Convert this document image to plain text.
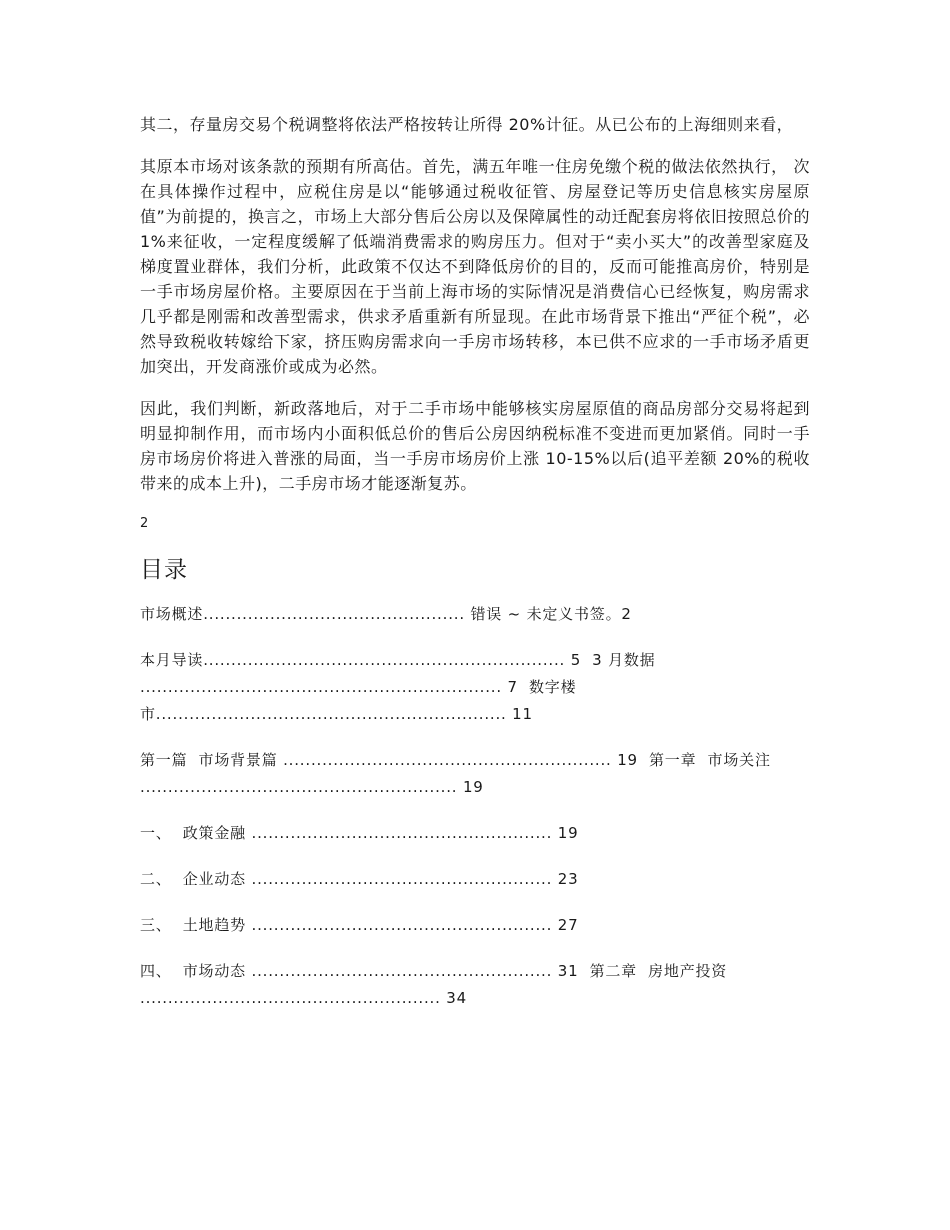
其二，存量房交易个税调整将依法严格按转让所得 20%计征。从已公布的上海细则来看，

其原本市场对该条款的预期有所高估。首先，满五年唯一住房免缴个税的做法依然执行， 次在具体操作过程中，应税住房是以“能够通过税收征管、房屋登记等历史信息核实房屋原值”为前提的，换言之，市场上大部分售后公房以及保障属性的动迁配套房将依旧按照总价的 1%来征收，一定程度缓解了低端消费需求的购房压力。但对于“卖小买大”的改善型家庭及梯度置业群体，我们分析，此政策不仅达不到降低房价的目的，反而可能推高房价，特别是一手市场房屋价格。主要原因在于当前上海市场的实际情况是消费信心已经恢复，购房需求几乎都是刚需和改善型需求，供求矛盾重新有所显现。在此市场背景下推出“严征个税”，必然导致税收转嫁给下家，挤压购房需求向一手房市场转移，本已供不应求的一手市场矛盾更加突出，开发商涨价或成为必然。

因此，我们判断，新政落地后，对于二手市场中能够核实房屋原值的商品房部分交易将起到明显抑制作用，而市场内小面积低总价的售后公房因纳税标准不变进而更加紧俏。同时一手房市场房价将进入普涨的局面，当一手房市场房价上涨 10-15%以后(追平差额 20%的税收带来的成本上升)，二手房市场才能逐渐复苏。

2
目录
市场概述............................................... 错误 ~ 未定义书签。2
本月导读................................................................. 5  3 月数据
................................................................. 7  数字楼
市............................................................... 11
第一篇  市场背景篇 ........................................................... 19  第一章  市场关注 ......................................................... 19
一、  政策金融 ...................................................... 19
二、  企业动态 ...................................................... 23
三、  土地趋势 ...................................................... 27
四、  市场动态 ...................................................... 31  第二章  房地产投资
...................................................... 34
